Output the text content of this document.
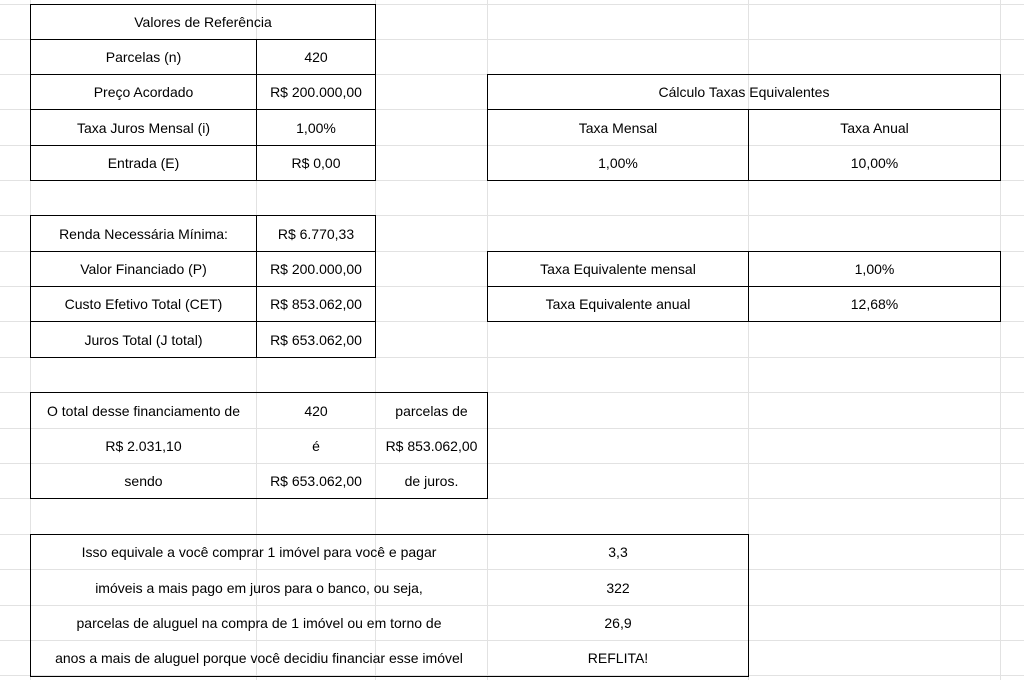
Valores de Referência
Parcelas (n)	420
Preço Acordado	R$ 200.000,00
Taxa Juros Mensal (i)	1,00%
Entrada (E)	R$ 0,00
Cálculo Taxas Equivalentes
Taxa Mensal	Taxa Anual
1,00%	10,00%
Renda Necessária Mínima:	R$ 6.770,33
Valor Financiado (P)	R$ 200.000,00
Custo Efetivo Total (CET)	R$ 853.062,00
Juros Total (J total)	R$ 653.062,00
Taxa Equivalente mensal	1,00%
Taxa Equivalente anual	12,68%
O total desse financiamento de	420	parcelas de
R$ 2.031,10	é	R$ 853.062,00
sendo	R$ 653.062,00	de juros.
Isso equivale a você comprar 1 imóvel para você e pagar	3,3
imóveis a mais pago em juros para o banco, ou seja,	322
parcelas de aluguel na compra de 1 imóvel ou em torno de	26,9
anos a mais de aluguel porque você decidiu financiar esse imóvel	REFLITA!
